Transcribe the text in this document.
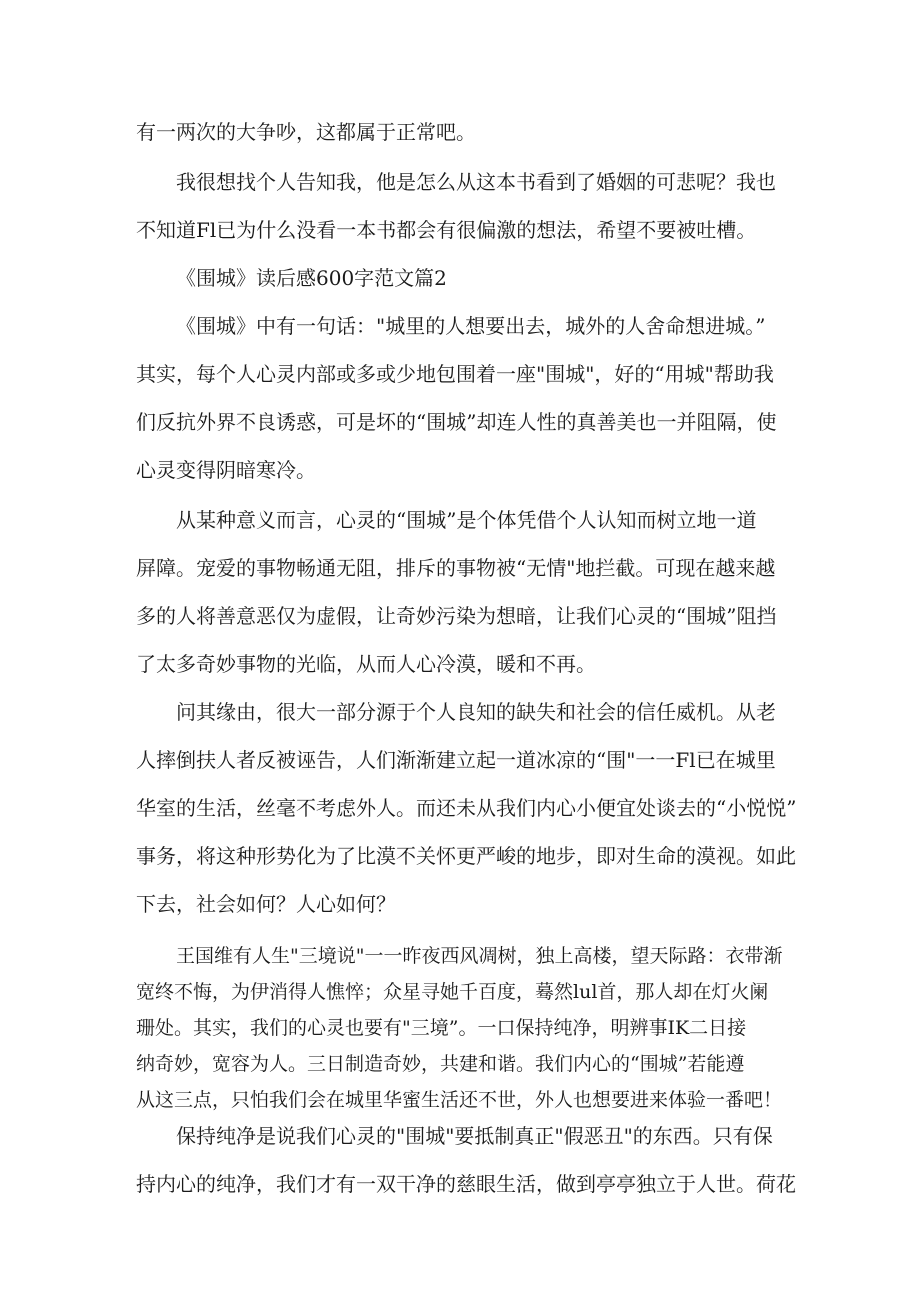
有一两次的大争吵，这都属于正常吧。

我很想找个人告知我，他是怎么从这本书看到了婚姻的可悲呢？我也
不知道Fl已为什么没看一本书都会有很偏激的想法，希望不要被吐槽。

《围城》读后感600字范文篇2

《围城》中有一句话："城里的人想要出去，城外的人舍命想进城。”
其实，每个人心灵内部或多或少地包围着一座"围城"，好的“用城"帮助我
们反抗外界不良诱惑，可是坏的“围城”却连人性的真善美也一并阻隔，使
心灵变得阴暗寒冷。

从某种意义而言，心灵的“围城”是个体凭借个人认知而树立地一道
屏障。宠爱的事物畅通无阻，排斥的事物被“无情"地拦截。可现在越来越
多的人将善意恶仅为虚假，让奇妙污染为想暗，让我们心灵的“围城”阻挡
了太多奇妙事物的光临，从而人心冷漠，暖和不再。

问其缘由，很大一部分源于个人良知的缺失和社会的信任威机。从老
人摔倒扶人者反被诬告，人们渐渐建立起一道冰凉的“围"一一Fl已在城里
华室的生活，丝毫不考虑外人。而还未从我们内心小便宜处谈去的“小悦悦”
事务，将这种形势化为了比漠不关怀更严峻的地步，即对生命的漠视。如此
下去，社会如何？人心如何？

王国维有人生"三境说"一一昨夜西风凋树，独上高楼，望天际路：衣带渐
宽终不悔，为伊消得人憔悴；众星寻她千百度，蓦然lul首，那人却在灯火阑
珊处。其实，我们的心灵也要有"三境”。一口保持纯净，明辨事IK二日接
纳奇妙，宽容为人。三日制造奇妙，共建和谐。我们内心的“围城”若能遵
从这三点，只怕我们会在城里华蜜生活还不世，外人也想要进来体验一番吧！

保持纯净是说我们心灵的"围城"要抵制真正"假恶丑"的东西。只有保
持内心的纯净，我们才有一双干净的慈眼生活，做到亭亭独立于人世。荷花
